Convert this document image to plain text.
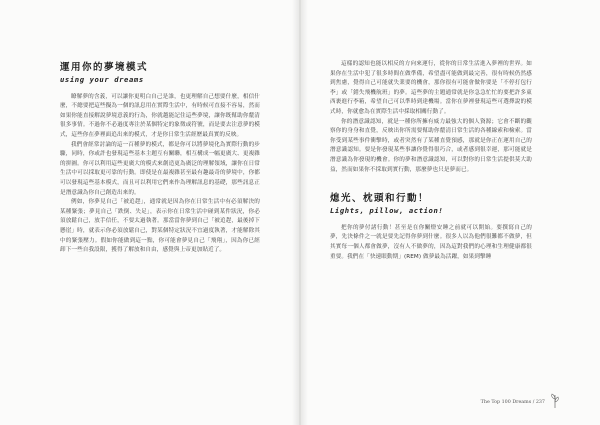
運用你的夢境模式
using your dreams

瞭解夢的含義，可以讓你更明白自己是誰，也更理解自己想要什麼，相信什麼，不總要把這些擬為一個的訊息用在實際生活中，有時候可直接不容易，然而如果你能直接解說夢境意義的行為，你就越能記住這些夢境，讓你既幫助你釐清很多事情。不過你不必過度專注於某個特定的象徵或符號，而是要去注意夢的模式，這些你在夢裡面追出來的模式，才是你日常生活經歷最真實的反映。

我們會經常討論的這一百種夢的模式，都是你可以將夢境化為實際行動的步驟，同時，你或許也發現這些基本主題互有關聯，相互構成一幅更廣大、更複雜的拼圖。你可以利用這些更廣大的模式來創造更為廣泛的理解領域，讓你在日常生活中可以採取更可靠的行動。即使是在最複雜甚至最有趣最奇的夢境中，你都可以發現這些基本模式，而且可以利用它們來作為理解訊息的基礎，那些訊息正是潛意識為你自己創造出來的。

例如，你夢見自己「被追趕」，通常就是因為你在日常生活中有必須解決的某種緊張；夢見自己「跌倒、失足」，表示你在日常生活中碰到某件狀況，你必須放鬆自己，放手信任，不要太過執著。那當當你夢到自己「被追趕，最後掉下懸崖」時，就表示你必須放鬆自己，對某個特定狀況不宜過度執著，才能解除其中的緊張壓力。假如你能做到這一點，你可能會夢見自己「飛翔」，因為你已經卸下一些自我設限，獲得了解放和自由，感覺與上帝更加貼近了。

這樣的認知也能以相反的方向來運行，從你的日常生活進入夢裡的世界。如果你在生活中犯了很多時間在做準備，希望盡可能做到最完善，很有時候仍然感到焦慮，覺得自己可能就失業要的機會，那你很有可能會做你要是「不停打包行李」或「錯失飛機航班」的夢。這些夢的主題通常就是你急急忙忙的要把許多東西裹進行李箱，希望自己可以準時到達機場。當你在夢裡發現這些可選擇說的模式時，你就愈為在實際生活中採取相關行動了。

你的潛意識認知，就是一種你所擁有威力最強大的個人資源；它會不斷的觀察你的身身和直覺，反映出你所需要幫助你釐清日常生活的各種線索和檢索。當你受到某些事件衝擊時，或者突然有了某種直覺預感，那就是你正在運用自己的潛意識認知。要是你發現某些事讓你覺得很巧合，或者感到很幸運，那可能就是潛意識為你發現的機會。你的夢和潛意識認知，可以對你的日常生活提供莫大助益，然而如果你不採取到實行動，那麼夢也只是夢而已。

熄光、枕頭和行動！
Lights, pillow, action!

把你的夢付諸行動！甚至是在你關燈安睡之前就可以開始。要撰寫自己的夢，先決條件之一就是要先記得你夢到什麼。很多人以為他們很難都不做夢，但其實每一個人都會做夢，沒有人不做夢的，因為這對我們的心理和生理健康都很重要。我們在「快速眼動期」(REM) 做夢最為活躍，如果到擊睡

The Top 100 Dreams / 237
